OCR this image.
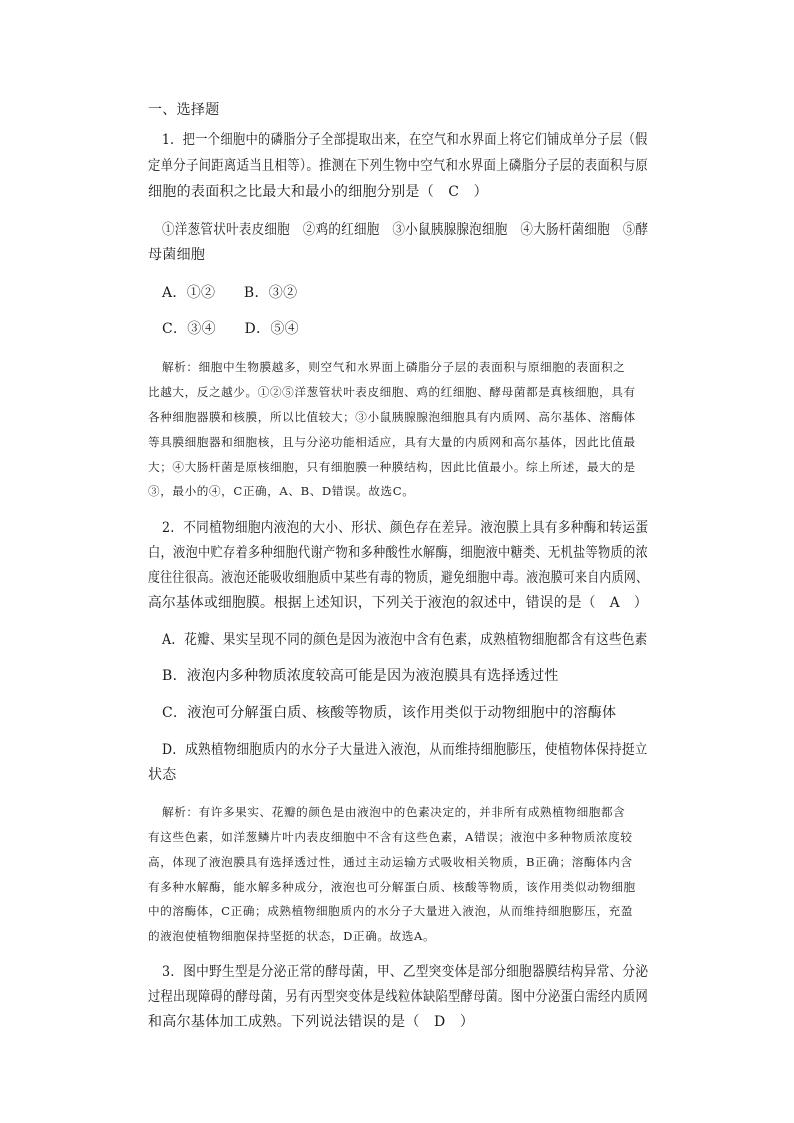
一、选择题
1．把一个细胞中的磷脂分子全部提取出来，在空气和水界面上将它们铺成单分子层（假
定单分子间距离适当且相等）。推测在下列生物中空气和水界面上磷脂分子层的表面积与原
细胞的表面积之比最大和最小的细胞分别是（　C　）
①洋葱管状叶表皮细胞　②鸡的红细胞　③小鼠胰腺腺泡细胞　④大肠杆菌细胞　⑤酵
母菌细胞
A．①②　　B．③②
C．③④　　D．⑤④
解析：细胞中生物膜越多，则空气和水界面上磷脂分子层的表面积与原细胞的表面积之
比越大，反之越少。①②⑤洋葱管状叶表皮细胞、鸡的红细胞、酵母菌都是真核细胞，具有
各种细胞器膜和核膜，所以比值较大；③小鼠胰腺腺泡细胞具有内质网、高尔基体、溶酶体
等具膜细胞器和细胞核，且与分泌功能相适应，具有大量的内质网和高尔基体，因此比值最
大；④大肠杆菌是原核细胞，只有细胞膜一种膜结构，因此比值最小。综上所述，最大的是
③，最小的④，C正确，A、B、D错误。故选C。
2．不同植物细胞内液泡的大小、形状、颜色存在差异。液泡膜上具有多种酶和转运蛋
白，液泡中贮存着多种细胞代谢产物和多种酸性水解酶，细胞液中糖类、无机盐等物质的浓
度往往很高。液泡还能吸收细胞质中某些有毒的物质，避免细胞中毒。液泡膜可来自内质网、
高尔基体或细胞膜。根据上述知识，下列关于液泡的叙述中，错误的是（　A　）
A．花瓣、果实呈现不同的颜色是因为液泡中含有色素，成熟植物细胞都含有这些色素
B．液泡内多种物质浓度较高可能是因为液泡膜具有选择透过性
C．液泡可分解蛋白质、核酸等物质，该作用类似于动物细胞中的溶酶体
D．成熟植物细胞质内的水分子大量进入液泡，从而维持细胞膨压，使植物体保持挺立
状态
解析：有许多果实、花瓣的颜色是由液泡中的色素决定的，并非所有成熟植物细胞都含
有这些色素，如洋葱鳞片叶内表皮细胞中不含有这些色素，A错误；液泡中多种物质浓度较
高，体现了液泡膜具有选择透过性，通过主动运输方式吸收相关物质，B正确；溶酶体内含
有多种水解酶，能水解多种成分，液泡也可分解蛋白质、核酸等物质，该作用类似动物细胞
中的溶酶体，C正确；成熟植物细胞质内的水分子大量进入液泡，从而维持细胞膨压，充盈
的液泡使植物细胞保持坚挺的状态，D正确。故选A。
3．图中野生型是分泌正常的酵母菌，甲、乙型突变体是部分细胞器膜结构异常、分泌
过程出现障碍的酵母菌，另有丙型突变体是线粒体缺陷型酵母菌。图中分泌蛋白需经内质网
和高尔基体加工成熟。下列说法错误的是（　D　）
